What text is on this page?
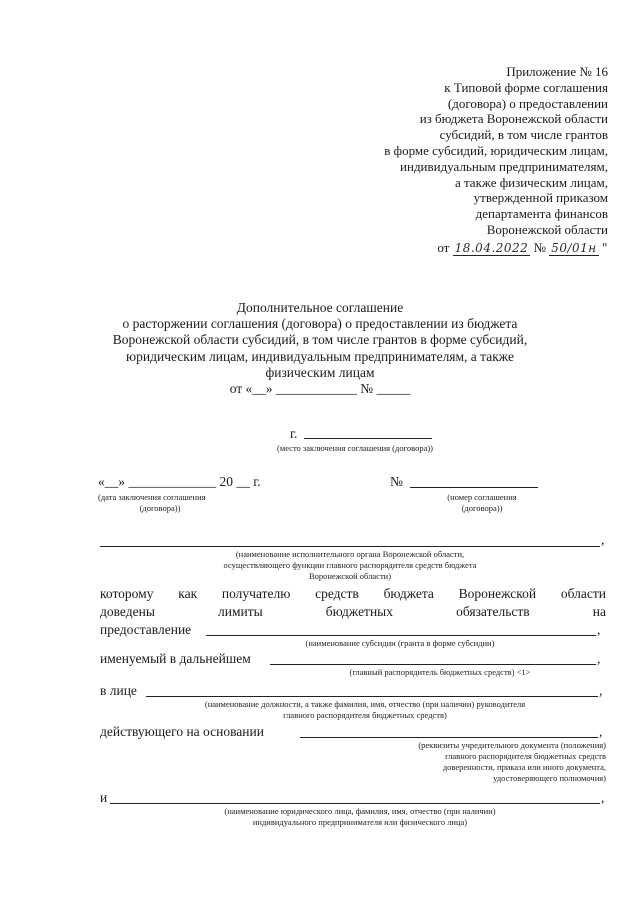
Приложение № 16
к Типовой форме соглашения
(договора) о предоставлении
из бюджета Воронежской области
субсидий, в том числе грантов
в форме субсидий, юридическим лицам,
индивидуальным предпринимателям,
а также физическим лицам,
утвержденной приказом
департамента финансов
Воронежской области
от 18.04.2022 № 50/01н "
Дополнительное соглашение
о расторжении соглашения (договора) о предоставлении из бюджета
Воронежской области субсидий, в том числе грантов в форме субсидий,
юридическим лицам, индивидуальным предпринимателям, а также
физическим лицам
от «__» ____________ № _____
г.
(место заключения соглашения (договора))
«__» _____________ 20 __ г.
(дата заключения соглашения
(договора))
№
(номер соглашения
(договора))
,
(наименование исполнительного органа Воронежской области,
осуществляющего функции главного распорядителя средств бюджета
Воронежской области)
которому как получателю средств бюджета Воронежской области
доведены	лимиты	бюджетных	обязательств	на
предоставление	,
(наименование субсидии (гранта в форме субсидии)
именуемый в дальнейшем	,
(главный распорядитель бюджетных средств) <1>
в лице	,
(наименование должности, а также фамилия, имя, отчество (при наличии) руководителя
главного распорядителя бюджетных средств)
действующего на основании	,
(реквизиты учредительного документа (положения)
главного распорядителя бюджетных средств
доверенности, приказа или иного документа,
удостоверяющего полномочия)
и	,
(наименование юридического лица, фамилия, имя, отчество (при наличии)
индивидуального предпринимателя или физического лица)
